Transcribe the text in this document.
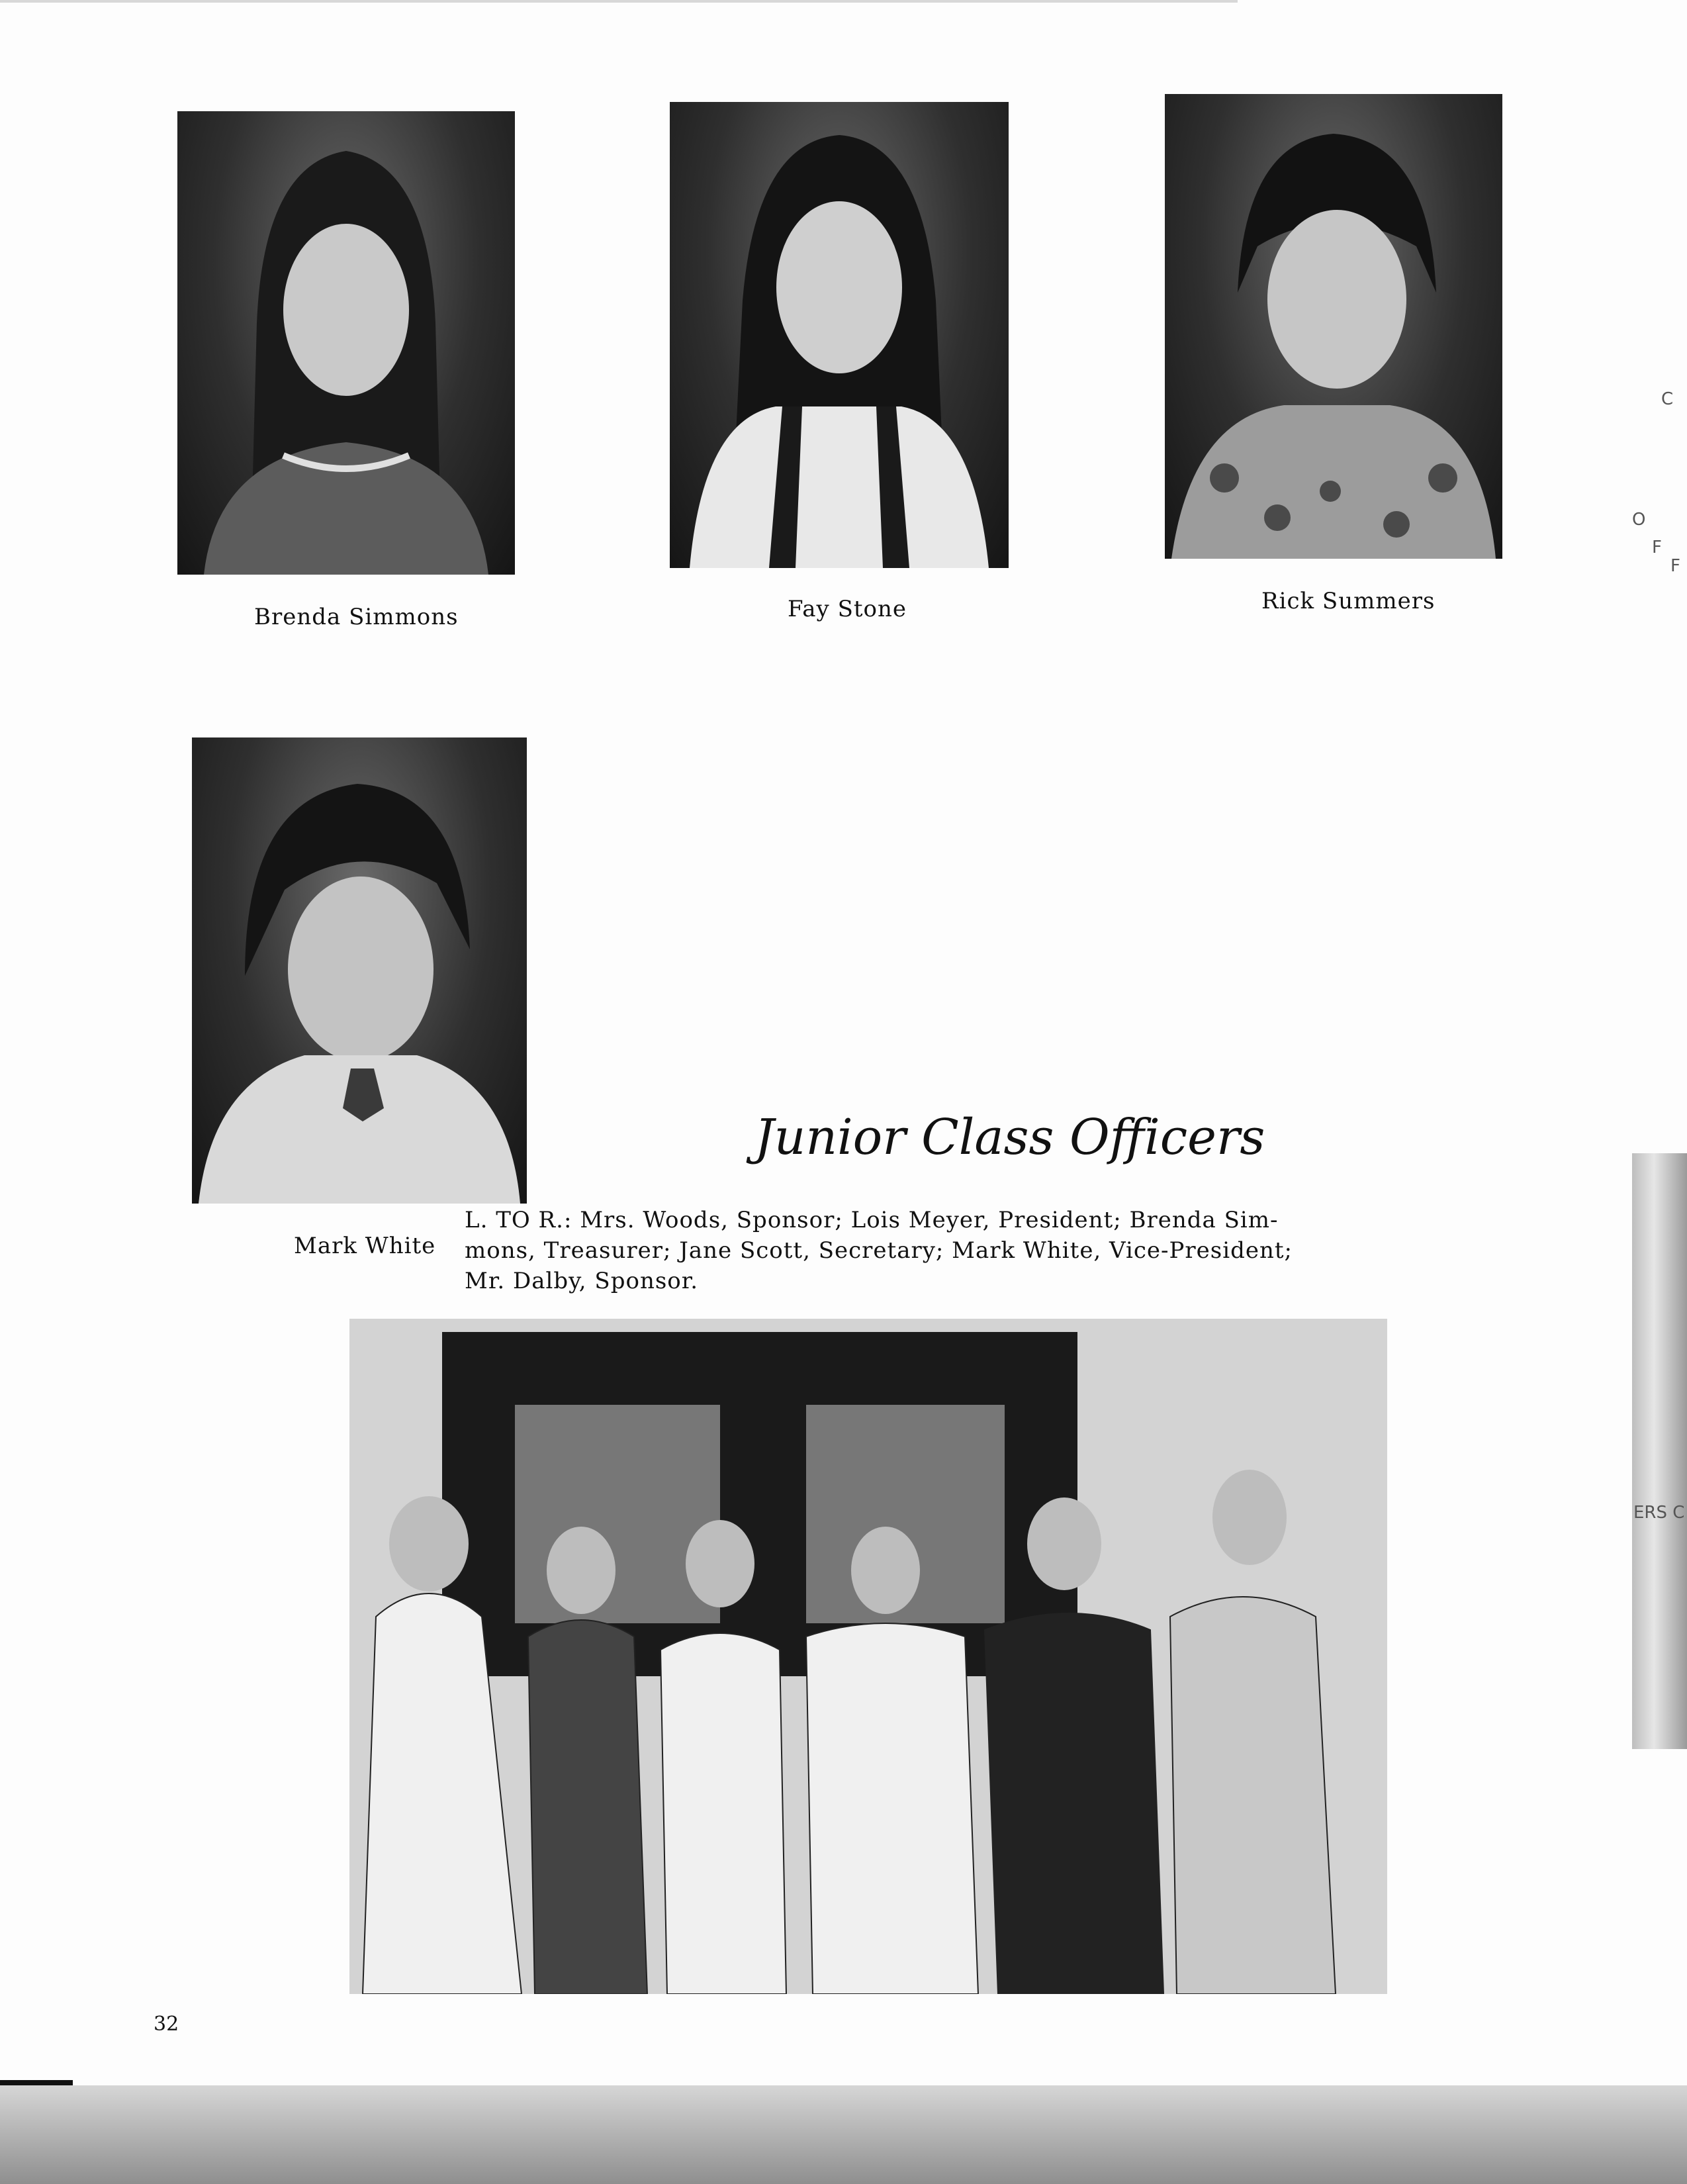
Brenda Simmons	Fay Stone	Rick Summers
Mark White
Junior Class Officers
L. TO R.: Mrs. Woods, Sponsor; Lois Meyer, President; Brenda Sim-mons, Treasurer; Jane Scott, Secretary; Mark White, Vice-President; Mr. Dalby, Sponsor.
32
C
O
F
F
ERS C
